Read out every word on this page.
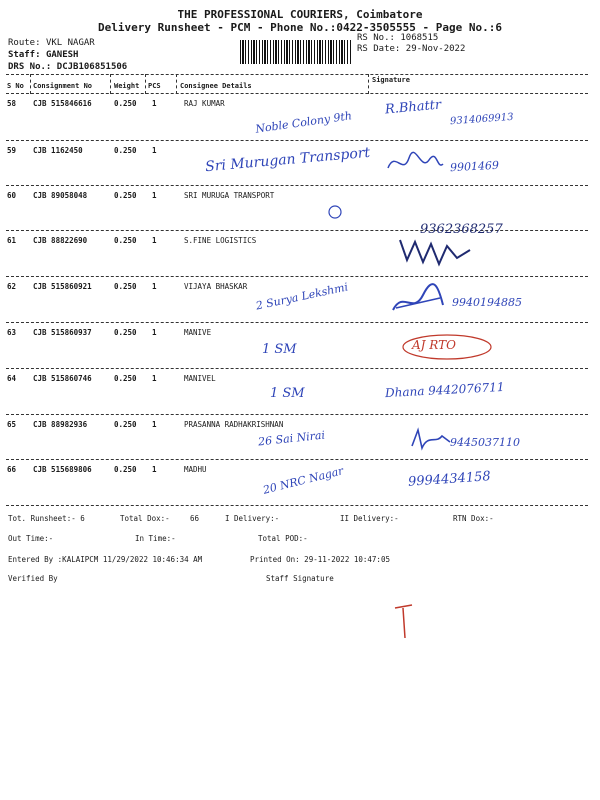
THE PROFESSIONAL COURIERS, Coimbatore
Delivery Runsheet - PCM - Phone No.:0422-3505555 - Page No.:6
Route: VKL NAGAR
Staff: GANESH
DRS No.: DCJB106851506
RS No.: 1068515
RS Date: 29-Nov-2022
S No Consignment No	Weight PCS	Consignee Details
Signature
58 CJB 515846616	0.250 1	RAJ KUMAR
59 CJB 1162450	0.250 1
60 CJB 89058048	0.250 1	SRI MURUGA TRANSPORT
61 CJB 88822690	0.250 1	S.FINE LOGISTICS
62 CJB 515860921	0.250 1	VIJAYA BHASKAR
63 CJB 515860937	0.250 1	MANIVE
64 CJB 515860746	0.250 1	MANIVEL
65 CJB 88982936	0.250 1	PRASANNA RADHAKRISHNAN
66 CJB 515689806	0.250 1	MADHU
Noble Colony 9th
R.Bhattr
9314069913
Sri Murugan Transport	9901469
9362368257
2 Surya Lekshmi	9940194885
1 SM	AJ RTO
1 SM	Dhana 9442076711
26 Sai Nirai	9445037110
20 NRC Nagar	9994434158
Tot. Runsheet:- 6	Total Dox:-	66	I Delivery:-	II Delivery:-	RTN Dox:-
Out Time:-	In Time:-	Total POD:-
Entered By :KALAIPCM 11/29/2022 10:46:34 AM	Printed On: 29-11-2022 10:47:05
Verified By	Staff Signature
